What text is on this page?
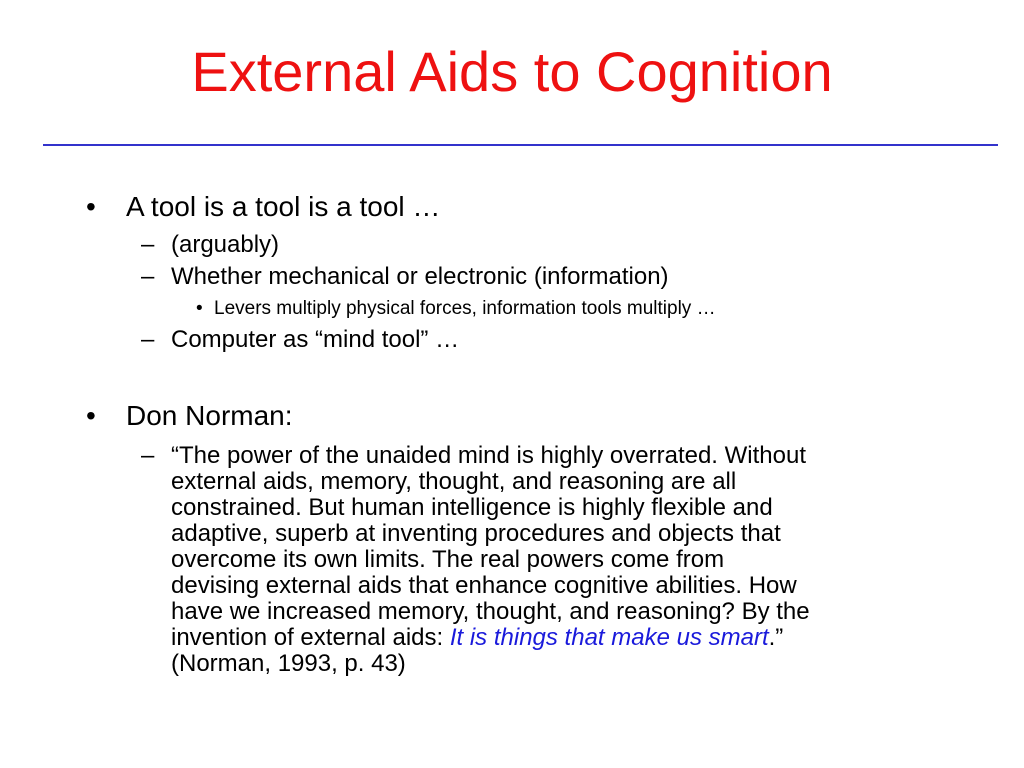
External Aids to Cognition
• A tool is a tool is a tool …
– (arguably)
– Whether mechanical or electronic (information)
• Levers multiply physical forces, information tools multiply …
– Computer as “mind tool” …
• Don Norman:
– “The power of the unaided mind is highly overrated. Without
external aids, memory, thought, and reasoning are all
constrained. But human intelligence is highly flexible and
adaptive, superb at inventing procedures and objects that
overcome its own limits. The real powers come from
devising external aids that enhance cognitive abilities. How
have we increased memory, thought, and reasoning? By the
invention of external aids: It is things that make us smart.”
(Norman, 1993, p. 43)
